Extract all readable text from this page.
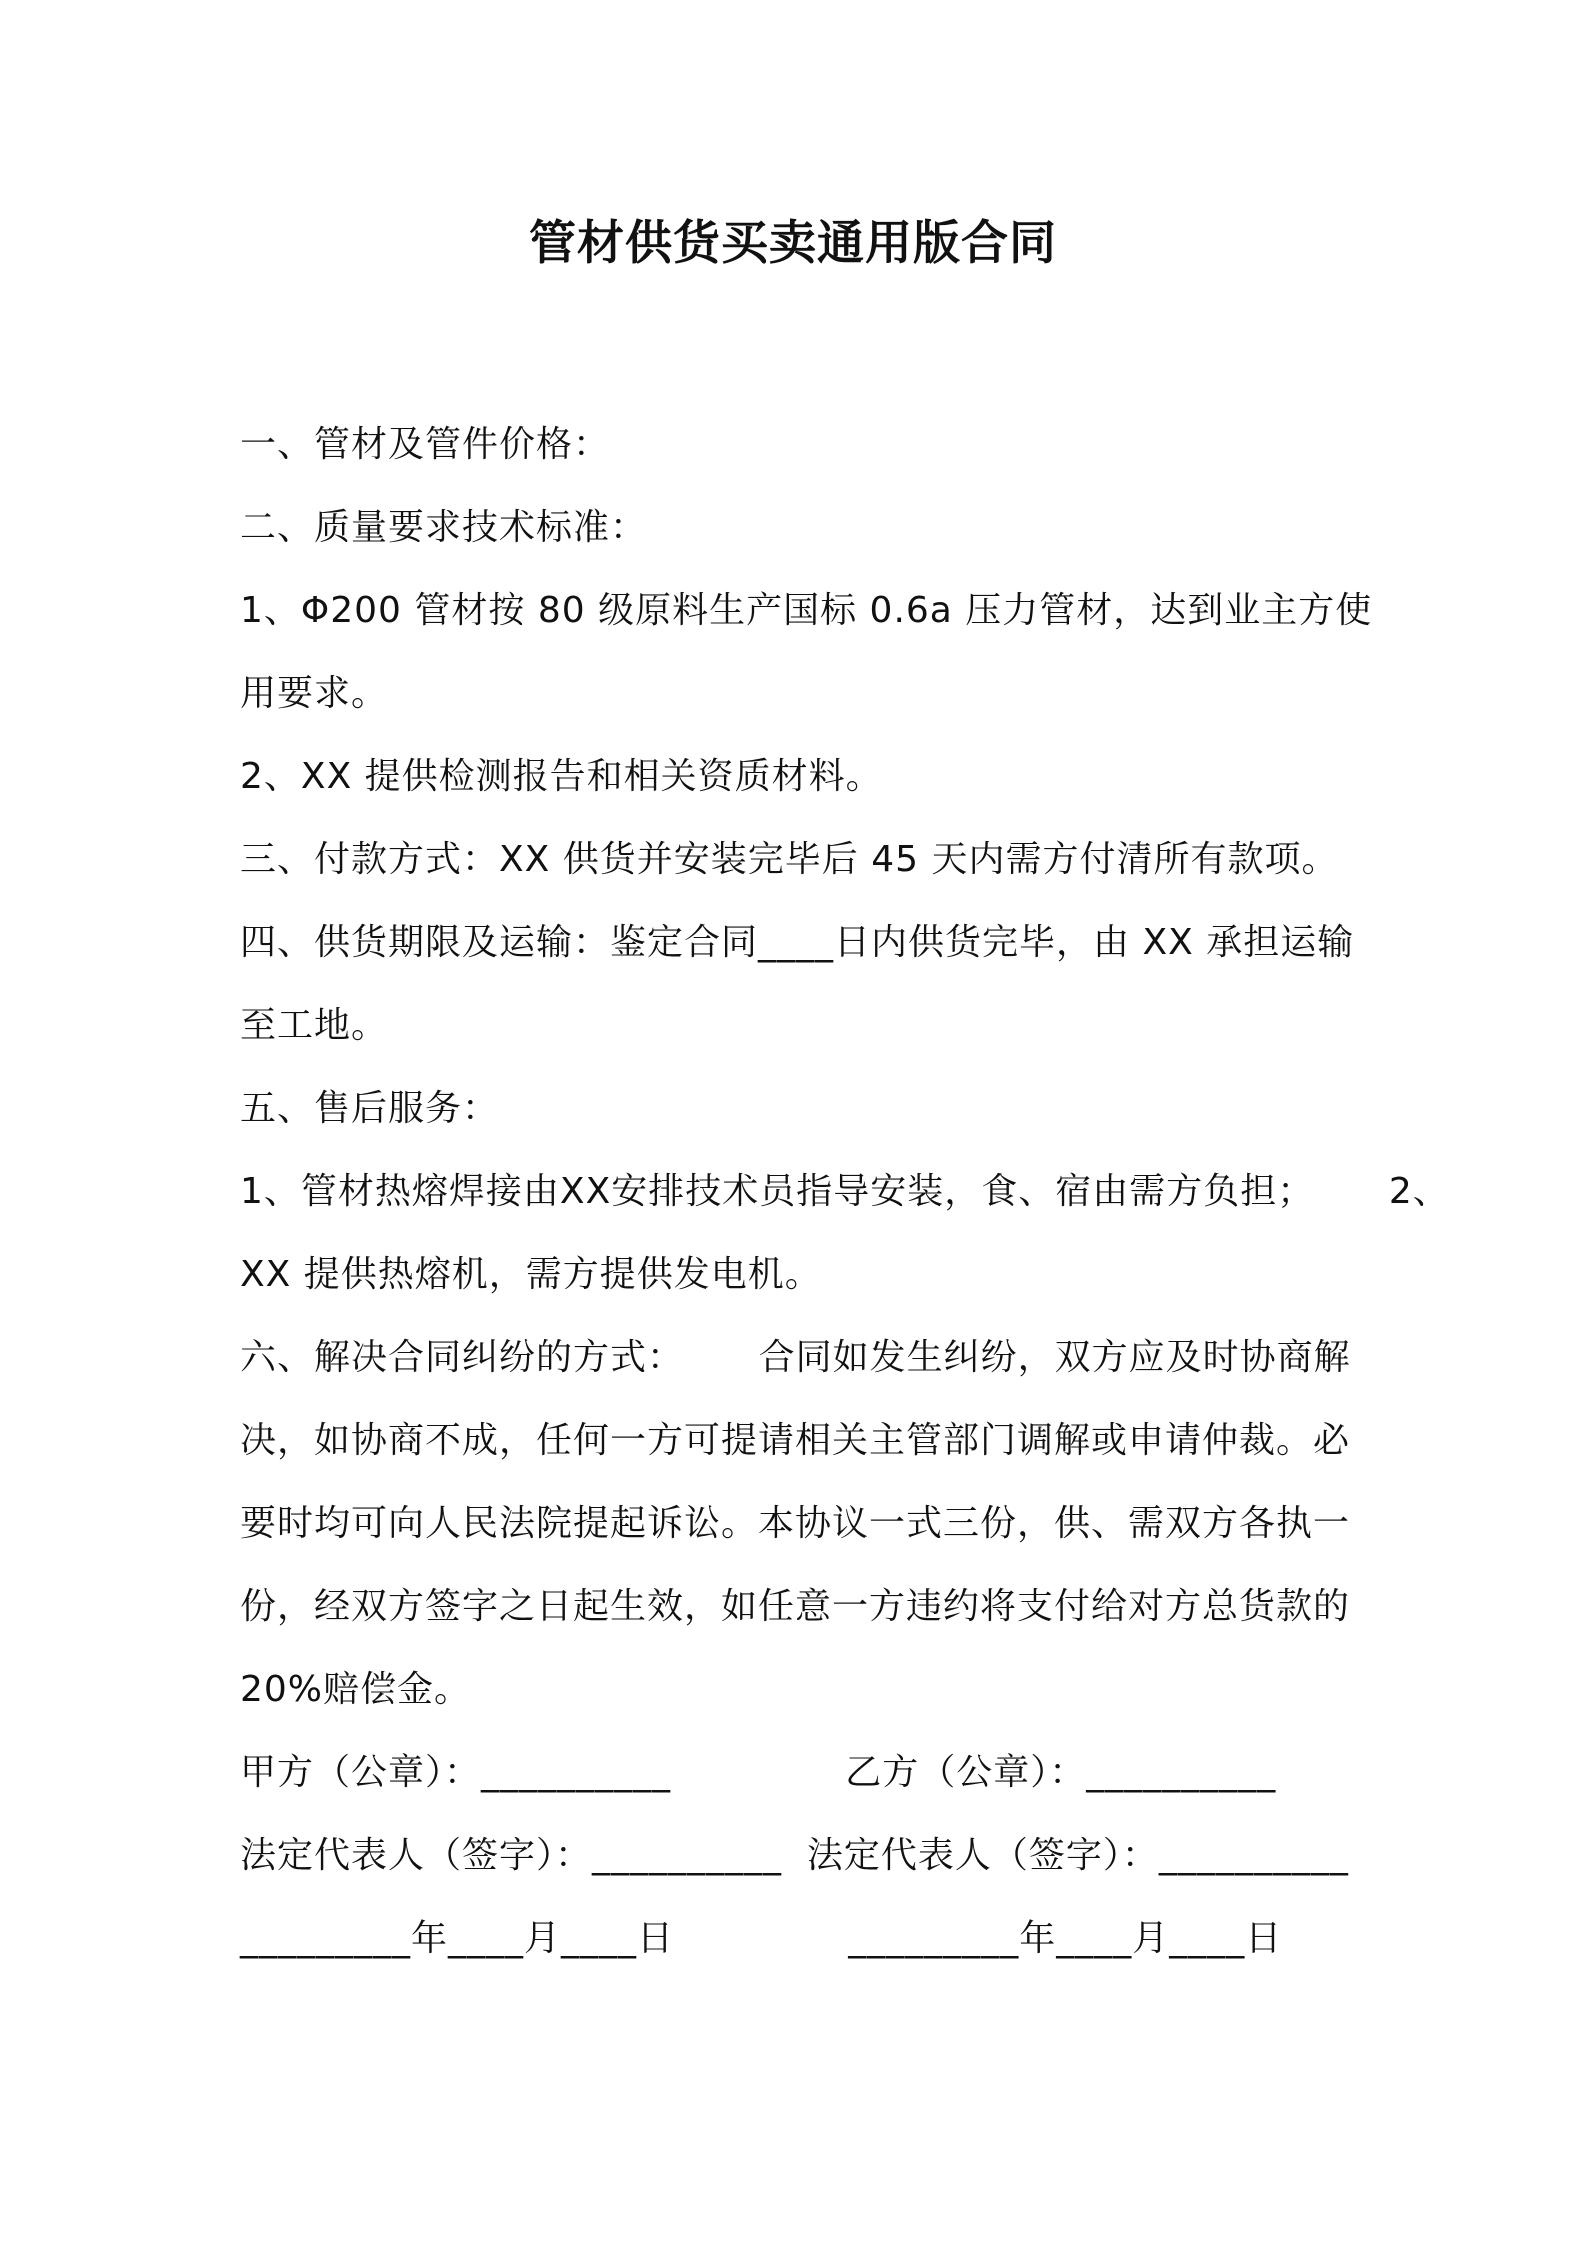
管材供货买卖通用版合同
一、管材及管件价格：
二、质量要求技术标准：
1、Φ200 管材按 80 级原料生产国标 0.6a 压力管材，达到业主方使
用要求。
2、XX 提供检测报告和相关资质材料。
三、付款方式：XX 供货并安装完毕后 45 天内需方付清所有款项。
四、供货期限及运输：鉴定合同____日内供货完毕，由 XX 承担运输
至工地。
五、售后服务：
1、管材热熔焊接由XX安排技术员指导安装，食、宿由需方负担；      2、
XX 提供热熔机，需方提供发电机。
六、解决合同纠纷的方式：      合同如发生纠纷，双方应及时协商解
决，如协商不成，任何一方可提请相关主管部门调解或申请仲裁。必
要时均可向人民法院提起诉讼。本协议一式三份，供、需双方各执一
份，经双方签字之日起生效，如任意一方违约将支付给对方总货款的
20%赔偿金。
甲方（公章）：__________              乙方（公章）：__________
法定代表人（签字）：__________  法定代表人（签字）：__________
_________年____月____日              _________年____月____日
